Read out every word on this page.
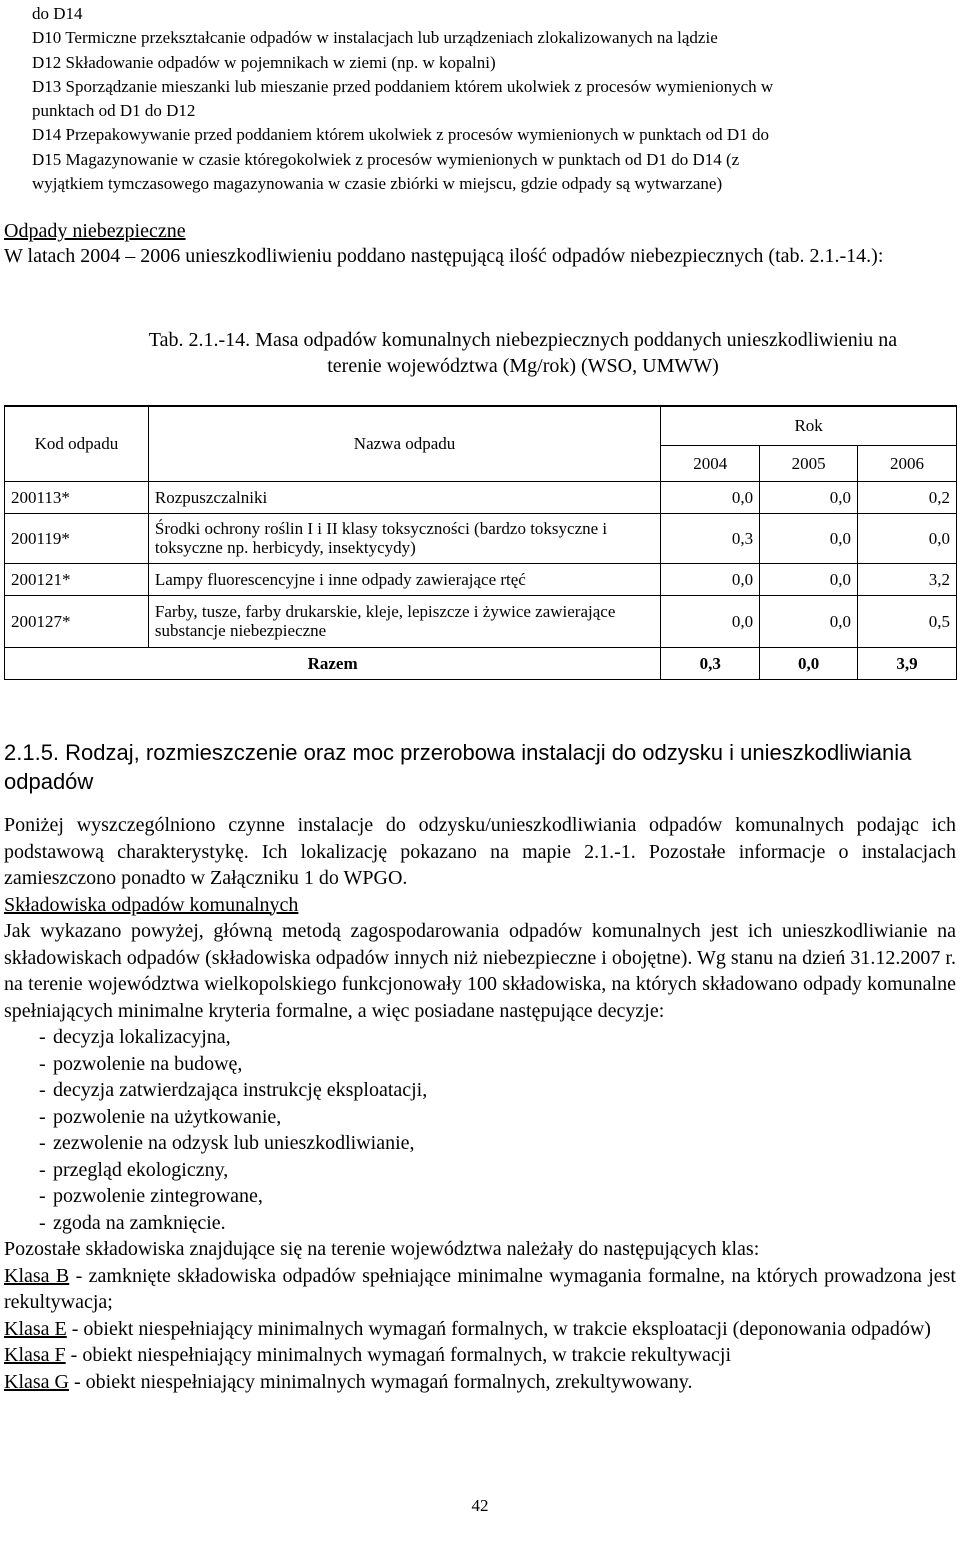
do D14
D10 Termiczne przekształcanie odpadów w instalacjach lub urządzeniach zlokalizowanych na lądzie
D12 Składowanie odpadów w pojemnikach w ziemi (np. w kopalni)
D13 Sporządzanie mieszanki lub mieszanie przed poddaniem którem ukolwiek z procesów wymienionych w
punktach od D1 do D12
D14 Przepakowywanie przed poddaniem którem ukolwiek z procesów wymienionych w punktach od D1 do
D15 Magazynowanie w czasie któregokolwiek z procesów wymienionych w punktach od D1 do D14 (z
wyjątkiem tymczasowego magazynowania w czasie zbiórki w miejscu, gdzie odpady są wytwarzane)
Odpady niebezpieczne
W latach 2004 – 2006 unieszkodliwieniu poddano następującą ilość odpadów niebezpiecznych (tab. 2.1.-14.):
Tab. 2.1.-14. Masa odpadów komunalnych niebezpiecznych poddanych unieszkodliwieniu na
terenie województwa (Mg/rok) (WSO, UMWW)
Kod odpadu	Nazwa odpadu	Rok		
		2004	2005	2006
200113*	Rozpuszczalniki	0,0	0,0	0,2
200119*	Środki ochrony roślin I i II klasy toksyczności (bardzo toksyczne i toksyczne np. herbicydy, insektycydy)	0,3	0,0	0,0
200121*	Lampy fluorescencyjne i inne odpady zawierające rtęć	0,0	0,0	3,2
200127*	Farby, tusze, farby drukarskie, kleje, lepiszcze i żywice zawierające substancje niebezpieczne	0,0	0,0	0,5
Razem		0,3	0,0	3,9
2.1.5. Rodzaj, rozmieszczenie oraz moc przerobowa instalacji do odzysku i unieszkodliwiania odpadów

Poniżej wyszczególniono czynne instalacje do odzysku/unieszkodliwiania odpadów komunalnych podając ich podstawową charakterystykę. Ich lokalizację pokazano na mapie 2.1.-1. Pozostałe informacje o instalacjach zamieszczono ponadto w Załączniku 1 do WPGO.

Składowiska odpadów komunalnych

Jak wykazano powyżej, główną metodą zagospodarowania odpadów komunalnych jest ich unieszkodliwianie na składowiskach odpadów (składowiska odpadów innych niż niebezpieczne i obojętne). Wg stanu na dzień 31.12.2007 r. na terenie województwa wielkopolskiego funkcjonowały 100 składowiska, na których składowano odpady komunalne spełniających minimalne kryteria formalne, a więc posiadane następujące decyzje:

- decyzja lokalizacyjna,
- pozwolenie na budowę,
- decyzja zatwierdzająca instrukcję eksploatacji,
- pozwolenie na użytkowanie,
- zezwolenie na odzysk lub unieszkodliwianie,
- przegląd ekologiczny,
- pozwolenie zintegrowane,
- zgoda na zamknięcie.

Pozostałe składowiska znajdujące się na terenie województwa należały do następujących klas:

Klasa B - zamknięte składowiska odpadów spełniające minimalne wymagania formalne, na których prowadzona jest rekultywacja;

Klasa E - obiekt niespełniający minimalnych wymagań formalnych, w trakcie eksploatacji (deponowania odpadów)

Klasa F - obiekt niespełniający minimalnych wymagań formalnych, w trakcie rekultywacji

Klasa G - obiekt niespełniający minimalnych wymagań formalnych, zrekultywowany.

42
